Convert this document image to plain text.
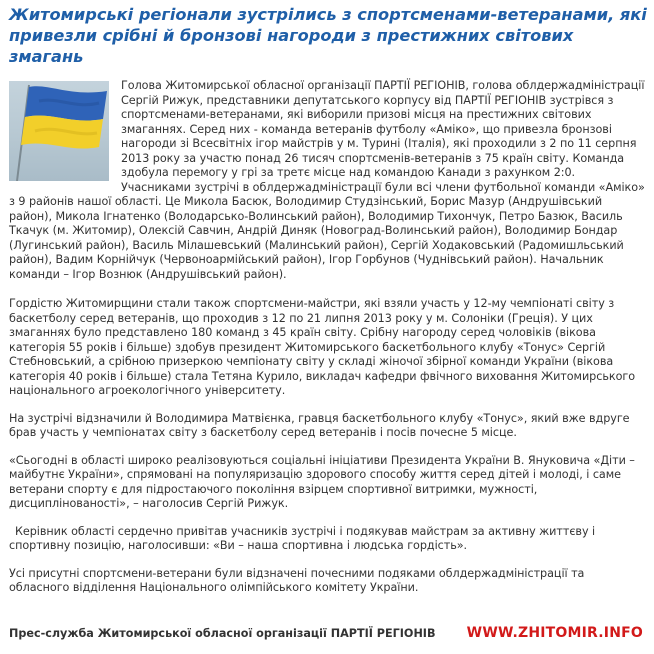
Житомирські регіонали зустрілись з спортсменами-ветеранами, які привезли срібні й бронзові нагороди з престижних світових змагань

Голова Житомирської обласної організації ПАРТІЇ РЕГІОНІВ, голова облдержадміністрації Сергій Рижук, представники депутатського корпусу від ПАРТІЇ РЕГІОНІВ зустрівся з спортсменами-ветеранами, які виборили призові місця на престижних світових змаганнях. Серед них - команда ветеранів футболу «Аміко», що привезла бронзові нагороди зі Всесвітніх ігор майстрів у м. Турині (Італія), які проходили з 2 по 11 серпня 2013 року за участю понад 26 тисяч спортсменів-ветеранів з 75 країн світу. Команда здобула перемогу у грі за третє місце над командою Канади з рахунком 2:0. Учасниками зустрічі в облдержадміністрації були всі члени футбольної команди «Аміко» з 9 районів нашої області. Це Микола Басюк, Володимир Студзінський, Борис Мазур (Андрушівський район), Микола Ігнатенко (Володарсько-Волинський район), Володимир Тихончук, Петро Базюк, Василь Ткачук (м. Житомир), Олексій Савчин, Андрій Диняк (Новоград-Волинський район), Володимир Бондар (Лугинський район), Василь Мілашевський (Малинський район), Сергій Ходаковський (Радомишльський район), Вадим Корнійчук (Червоноармійський район), Ігор Горбунов (Чуднівський район). Начальник команди – Ігор Вознюк (Андрушівський район).

Гордістю Житомирщини стали також спортсмени-майстри, які взяли участь у 12-му чемпіонаті світу з баскетболу серед ветеранів, що проходив з 12 по 21 липня 2013 року у м. Солоніки (Греція). У цих змаганнях було представлено 180 команд з 45 країн світу. Срібну нагороду серед чоловіків (вікова категорія 55 років і більше) здобув президент Житомирського баскетбольного клубу «Тонус» Сергій Стебновський, а срібною призеркою чемпіонату світу у складі жіночої збірної команди України (вікова категорія 40 років і більше) стала Тетяна Курило, викладач кафедри фвічного виховання Житомирського національного агроекологічного університету.

На зустрічі відзначили й Володимира Матвієнка, гравця баскетбольного клубу «Тонус», який вже вдруге брав участь у чемпіонатах світу з баскетболу серед ветеранів і посів почесне 5 місце.

«Сьогодні в області широко реалізовуються соціальні ініціативи Президента України В. Януковича «Діти – майбутнє України», спрямовані на популяризацію здорового способу життя серед дітей і молоді, і саме ветерани спорту є для підростаючого покоління взірцем спортивної витримки, мужності, дисциплінованості», – наголосив Сергій Рижук.

Керівник області сердечно привітав учасників зустрічі і подякував майстрам за активну життєву і спортивну позицію, наголосивши: «Ви – наша спортивна і людська гордість».

Усі присутні спортсмени-ветерани були відзначені почесними подяками облдержадміністрації та обласного відділення Національного олімпійського комітету України.

Прес-служба Житомирської обласної організації ПАРТІЇ РЕГІОНІВ WWW.ZHITOMIR.INFO
